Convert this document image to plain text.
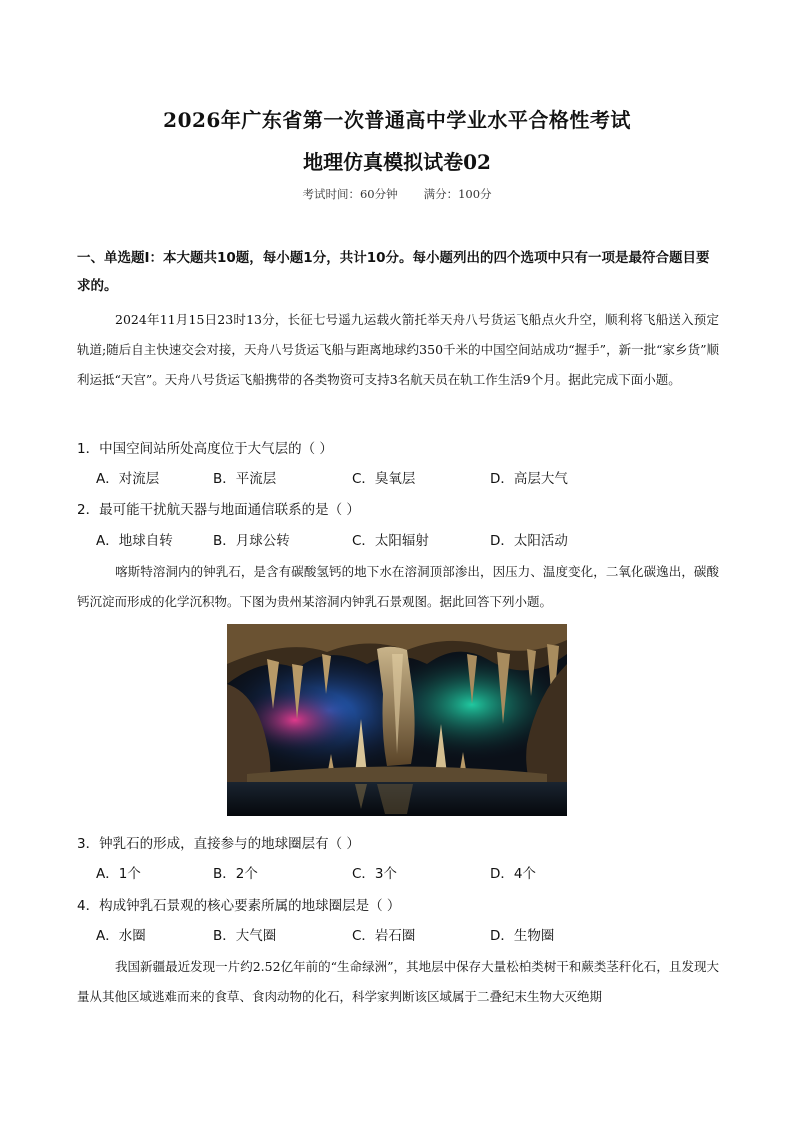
2026年广东省第一次普通高中学业水平合格性考试
地理仿真模拟试卷02
考试时间：60分钟 满分：100分
一、单选题Ⅰ：本大题共10题，每小题1分，共计10分。每小题列出的四个选项中只有一项是最符合题目要求的。
2024年11月15日23时13分，长征七号遥九运载火箭托举天舟八号货运飞船点火升空，顺利将飞船送入预定轨道;随后自主快速交会对接，天舟八号货运飞船与距离地球约350千米的中国空间站成功“握手”，新一批“家乡货”顺利运抵“天宫”。天舟八号货运飞船携带的各类物资可支持3名航天员在轨工作生活9个月。据此完成下面小题。
1．中国空间站所处高度位于大气层的（ ）
A．对流层	B．平流层	C．臭氧层	D．高层大气
2．最可能干扰航天器与地面通信联系的是（ ）
A．地球自转	B．月球公转	C．太阳辐射	D．太阳活动
喀斯特溶洞内的钟乳石，是含有碳酸氢钙的地下水在溶洞顶部渗出，因压力、温度变化，二氧化碳逸出，碳酸钙沉淀而形成的化学沉积物。下图为贵州某溶洞内钟乳石景观图。据此回答下列小题。
3．钟乳石的形成，直接参与的地球圈层有（ ）
A．1个	B．2个	C．3个	D．4个
4．构成钟乳石景观的核心要素所属的地球圈层是（ ）
A．水圈	B．大气圈	C．岩石圈	D．生物圈
我国新疆最近发现一片约2.52亿年前的“生命绿洲”，其地层中保存大量松柏类树干和蕨类茎秆化石，且发现大量从其他区域逃难而来的食草、食肉动物的化石，科学家判断该区域属于二叠纪末生物大灭绝期
